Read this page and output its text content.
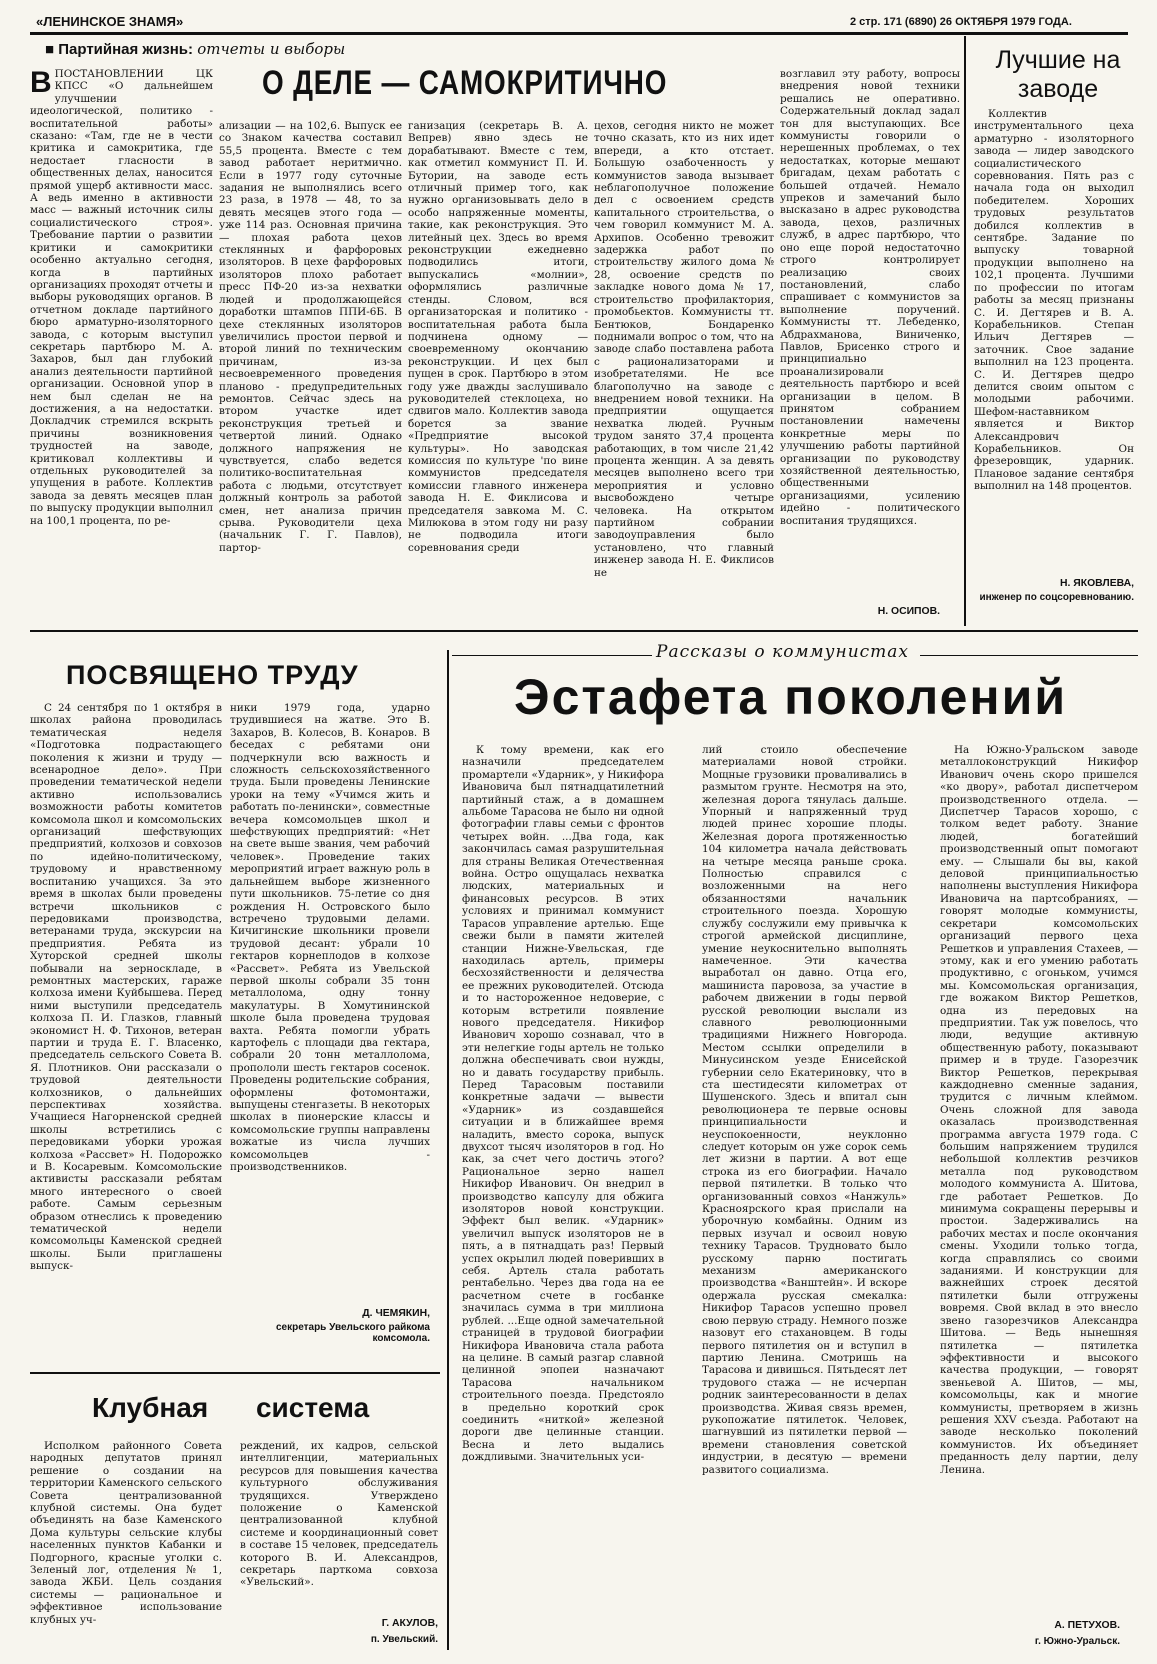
«ЛЕНИНСКОЕ ЗНАМЯ»	2 стр. 171 (6890) 26 ОКТЯБРЯ 1979 ГОДА.
■ Партийная жизнь: отчеты и выборы
О ДЕЛЕ — САМОКРИТИЧНО
В ПОСТАНОВЛЕНИИ ЦК КПСС «О дальнейшем улучшении идеологической, политико - воспитательной работы» сказано: «Там, где не в чести критика и самокритика, где недостает гласности в общественных делах, наносится прямой ущерб активности масс. А ведь именно в активности масс — важный источник силы социалистического строя». Требование партии о развитии критики и самокритики особенно актуально сегодня, когда в партийных организациях проходят отчеты и выборы руководящих органов. В отчетном докладе партийного бюро арматурно-изоляторного завода, с которым выступил секретарь партбюро М. А. Захаров, был дан глубокий анализ деятельности партийной организации. Основной упор в нем был сделан не на достижения, а на недостатки. Докладчик стремился вскрыть причины возникновения трудностей на заводе, критиковал коллективы и отдельных руководителей за упущения в работе. Коллектив завода за девять месяцев план по выпуску продукции выполнил на 100,1 процента, по ре-

ализации — на 102,6. Выпуск ее со Знаком качества составил 55,5 процента. Вместе с тем завод работает неритмично. Если в 1977 году суточные задания не выполнялись всего 23 раза, в 1978 — 48, то за девять месяцев этого года — уже 114 раз. Основная причина — плохая работа цехов стеклянных и фарфоровых изоляторов. В цехе фарфоровых изоляторов плохо работает пресс ПФ-20 из-за нехватки людей и продолжающейся доработки штампов ППИ-6Б. В цехе стеклянных изоляторов увеличились простои первой и второй линий по техническим причинам, из-за несвоевременного проведения планово - предупредительных ремонтов. Сейчас здесь на втором участке идет реконструкция третьей и четвертой линий. Однако должного напряжения не чувствуется, слабо ведется политико-воспитательная работа с людьми, отсутствует должный контроль за работой смен, нет анализа причин срыва. Руководители цеха (начальник Г. Г. Павлов), партор-

ганизация (секретарь В. А. Вепрев) явно здесь не дорабатывают. Вместе с тем, как отметил коммунист П. И. Бутории, на заводе есть отличный пример того, как нужно организовывать дело в особо напряженные моменты, такие, как реконструкция. Это литейный цех. Здесь во время реконструкции ежедневно подводились итоги, выпускались «молнии», оформлялись различные стенды. Словом, вся организаторская и политико - воспитательная работа была подчинена одному — своевременному окончанию реконструкции. И цех был пущен в срок. Партбюро в этом году уже дважды заслушивало руководителей стеклоцеха, но сдвигов мало. Коллектив завода борется за звание «Предприятие высокой культуры». Но заводская комиссия по культуре 'по вине коммунистов председателя комиссии главного инженера завода Н. Е. Фиклисова и председателя завкома М. С. Милюкова в этом году ни разу не подводила итоги соревнования среди

цехов, сегодня никто не может точно сказать, кто из них идет впереди, а кто отстает. Большую озабоченность у коммунистов завода вызывает неблагополучное положение дел с освоением средств капитального строительства, о чем говорил коммунист М. А. Архипов. Особенно тревожит задержка работ по строительству жилого дома № 28, освоение средств по закладке нового дома № 17, строительство профилактория, промобьектов. Коммунисты тт. Бентюков, Бондаренко поднимали вопрос о том, что на заводе слабо поставлена работа с рационализаторами и изобретателями. Не все благополучно на заводе с внедрением новой техники. На предприятии ощущается нехватка людей. Ручным трудом занято 37,4 процента работающих, в том числе 21,42 процента женщин. А за девять месяцев выполнено всего три мероприятия и условно высвобождено четыре человека. На открытом партийном собрании заводоуправления было установлено, что главный инженер завода Н. Е. Фиклисов не

возглавил эту работу, вопросы внедрения новой техники решались не оперативно. Содержательный доклад задал тон для выступающих. Все коммунисты говорили о нерешенных проблемах, о тех недостатках, которые мешают бригадам, цехам работать с большей отдачей. Немало упреков и замечаний было высказано в адрес руководства завода, цехов, различных служб, в адрес партбюро, что оно еще порой недостаточно строго контролирует реализацию своих постановлений, слабо спрашивает с коммунистов за выполнение поручений. Коммунисты тт. Лебеденко, Абдрахманова, Виниченко, Павлов, Брисенко строго и принципиально проанализировали деятельность партбюро и всей организации в целом. В принятом собранием постановлении намечены конкретные меры по улучшению работы партийной организации по руководству хозяйственной деятельностью, общественными организациями, усилению идейно - политического воспитания трудящихся.

Н. ОСИПОВ.
Лучшие на заводе

Коллектив инструментального цеха арматурно - изоляторного завода — лидер заводского социалистического соревнования. Пять раз с начала года он выходил победителем. Хороших трудовых результатов добился коллектив в сентябре. Задание по выпуску товарной продукции выполнено на 102,1 процента. Лучшими по профессии по итогам работы за месяц признаны С. И. Дегтярев и В. А. Корабельников. Степан Ильич Дегтярев — заточник. Свое задание выполнил на 123 процента. С. И. Дегтярев щедро делится своим опытом с молодыми рабочими. Шефом-наставником является и Виктор Александрович Корабельников. Он фрезеровщик, ударник. Плановое задание сентября выполнил на 148 процентов.

Н. ЯКОВЛЕВА,
инженер по соцсоревнованию.
ПОСВЯЩЕНО ТРУДУ

С 24 сентября по 1 октября в школах района проводилась тематическая неделя «Подготовка подрастающего поколения к жизни и труду — всенародное дело». При проведении тематической недели активно использовались возможности работы комитетов комсомола школ и комсомольских организаций шефствующих предприятий, колхозов и совхозов по идейно-политическому, трудовому и нравственному воспитанию учащихся. За это время в школах были проведены встречи школьников с передовиками производства, ветеранами труда, экскурсии на предприятия. Ребята из Хуторской средней школы побывали на зерноскладе, в ремонтных мастерских, гараже колхоза имени Куйбышева. Перед ними выступили председатель колхоза П. И. Глазков, главный экономист Н. Ф. Тихонов, ветеран партии и труда Е. Г. Власенко, председатель сельского Совета В. Я. Плотников. Они рассказали о трудовой деятельности колхозников, о дальнейших перспективах хозяйства. Учащиеся Нагорненской средней школы встретились с передовиками уборки урожая колхоза «Рассвет» Н. Подорожко и В. Косаревым. Комсомольские активисты рассказали ребятам много интересного о своей работе. Самым серьезным образом отнеслись к проведению тематической недели комсомольцы Каменской средней школы. Были приглашены выпуск-

ники 1979 года, ударно трудившиеся на жатве. Это В. Захаров, В. Колесов, В. Конаров. В беседах с ребятами они подчеркнули всю важность и сложность сельскохозяйственного труда. Были проведены Ленинские уроки на тему «Учимся жить и работать по-ленински», совместные вечера комсомольцев школ и шефствующих предприятий: «Нет на свете выше звания, чем рабочий человек». Проведение таких мероприятий играет важную роль в дальнейшем выборе жизненного пути школьников. 75-летие со дня рождения Н. Островского было встречено трудовыми делами. Кичигинские школьники провели трудовой десант: убрали 10 гектаров корнеплодов в колхозе «Рассвет». Ребята из Увельской первой школы собрали 35 тонн металлолома, одну тонну макулатуры. В Хомутининской школе была проведена трудовая вахта. Ребята помогли убрать картофель с площади два гектара, собрали 20 тонн металлолома, пропололи шесть гектаров сосенок. Проведены родительские собрания, оформлены фотомонтажи, выпущены стенгазеты. В некоторых школах в пионерские классы и комсомольские группы направлены вожатые из числа лучших комсомольцев - производственников.

Д. ЧЕМЯКИН,
секретарь Увельского райкома комсомола.
Клубная система

Исполком районного Совета народных депутатов принял решение о создании на территории Каменского сельского Совета централизованной клубной системы. Она будет объединять на базе Каменского Дома культуры сельские клубы населенных пунктов Кабанки и Подгорного, красные уголки с. Зеленый лог, отделения № 1, завода ЖБИ. Цель создания системы — рациональное и эффективное использование клубных уч-

реждений, их кадров, сельской интеллигенции, материальных ресурсов для повышения качества культурного обслуживания трудящихся. Утверждено положение о Каменской централизованной клубной системе и координационный совет в составе 15 человек, председатель которого В. И. Александров, секретарь парткома совхоза «Увельский».

Г. АКУЛОВ,
п. Увельский.
Рассказы о коммунистах
Эстафета поколений

К тому времени, как его назначили председателем промартели «Ударник», у Никифора Ивановича был пятнадцатилетний партийный стаж, а в домашнем альбоме Тарасова не было ни одной фотографии главы семьи с фронтов четырех войн. ...Два года, как закончилась самая разрушительная для страны Великая Отечественная война. Остро ощущалась нехватка людских, материальных и финансовых ресурсов. В этих условиях и принимал коммунист Тарасов управление артелью. Еще свежи были в памяти жителей станции Нижне-Увельская, где находилась артель, примеры бесхозяйственности и делячества ее прежних руководителей. Отсюда и то настороженное недоверие, с которым встретили появление нового председателя. Никифор Иванович хорошо сознавал, что в эти нелегкие годы артель не только должна обеспечивать свои нужды, но и давать государству прибыль. Перед Тарасовым поставили конкретные задачи — вывести «Ударник» из создавшейся ситуации и в ближайшее время наладить, вместо сорока, выпуск двухсот тысяч изоляторов в год. Но как, за счет чего достичь этого? Рациональное зерно нашел Никифор Иванович. Он внедрил в производство капсулу для обжига изоляторов новой конструкции. Эффект был велик. «Ударник» увеличил выпуск изоляторов не в пять, а в пятнадцать раз! Первый успех окрылил людей поверивших в себя. Артель стала работать рентабельно. Через два года на ее расчетном счете в госбанке значилась сумма в три миллиона рублей. ...Еще одной замечательной страницей в трудовой биографии Никифора Ивановича стала работа на целине. В самый разгар славной целинной эпопеи назначают Тарасова начальником строительного поезда. Предстояло в предельно короткий срок соединить «ниткой» железной дороги две целинные станции. Весна и лето выдались дождливыми. Значительных уси-

лий стоило обеспечение материалами новой стройки. Мощные грузовики проваливались в размытом грунте. Несмотря на это, железная дорога тянулась дальше. Упорный и напряженный труд людей принес хорошие плоды. Железная дорога протяженностью 104 километра начала действовать на четыре месяца раньше срока. Полностью справился с возложенными на него обязанностями начальник строительного поезда. Хорошую службу сослужили ему привычка к строгой армейской дисциплине, умение неукоснительно выполнять намеченное. Эти качества выработал он давно. Отца его, машиниста паровоза, за участие в рабочем движении в годы первой русской революции выслали из славного революционными традициями Нижнего Новгорода. Местом ссылки определили в Минусинском уезде Енисейской губернии село Екатериновку, что в ста шестидесяти километрах от Шушенского. Здесь и впитал сын революционера те первые основы принципиальности и неуспокоенности, неуклонно следует которым он уже сорок семь лет жизни в партии. А вот еще строка из его биографии. Начало первой пятилетки. В только что организованный совхоз «Нанжуль» Красноярского края прислали на уборочную комбайны. Одним из первых изучал и освоил новую технику Тарасов. Трудновато было русскому парню постигать механизм американского производства «Ванштейн». И вскоре одержала русская смекалка: Никифор Тарасов успешно провел свою первую страду. Немного позже назовут его стахановцем. В годы первого пятилетия он и вступил в партию Ленина. Смотришь на Тарасова и дивишься. Пятьдесят лет трудового стажа — не исчерпан родник заинтересованности в делах производства. Живая связь времен, рукопожатие пятилеток. Человек, шагнувший из пятилетки первой — времени становления советской индустрии, в десятую — времени развитого социализма.

На Южно-Уральском заводе металлоконструкций Никифор Иванович очень скоро пришелся «ко двору», работал диспетчером производственного отдела. — Диспетчер Тарасов хорошо, с толком ведет работу. Знание людей, богатейший производственный опыт помогают ему. — Слышали бы вы, какой деловой принципиальностью наполнены выступления Никифора Ивановича на партсобраниях, — говорят молодые коммунисты, секретари комсомольских организаций первого цеха Решетков и управления Стахеев, — этому, как и его умению работать продуктивно, с огоньком, учимся мы. Комсомольская организация, где вожаком Виктор Решетков, одна из передовых на предприятии. Так уж повелось, что люди, ведущие активную общественную работу, показывают пример и в труде. Газорезчик Виктор Решетков, перекрывая каждодневно сменные задания, трудится с личным клеймом. Очень сложной для завода оказалась производственная программа августа 1979 года. С большим напряжением трудился небольшой коллектив резчиков металла под руководством молодого коммуниста А. Шитова, где работает Решетков. До минимума сокращены перерывы и простои. Задерживались на рабочих местах и после окончания смены. Уходили только тогда, когда справлялись со своими заданиями. И конструкции для важнейших строек десятой пятилетки были отгружены вовремя. Свой вклад в это внесло звено газорезчиков Александра Шитова. — Ведь нынешняя пятилетка — пятилетка эффективности и высокого качества продукции, — говорят звеньевой А. Шитов, — мы, комсомольцы, как и многие коммунисты, претворяем в жизнь решения XXV съезда. Работают на заводе несколько поколений коммунистов. Их объединяет преданность делу партии, делу Ленина.

А. ПЕТУХОВ.
г. Южно-Уральск.
